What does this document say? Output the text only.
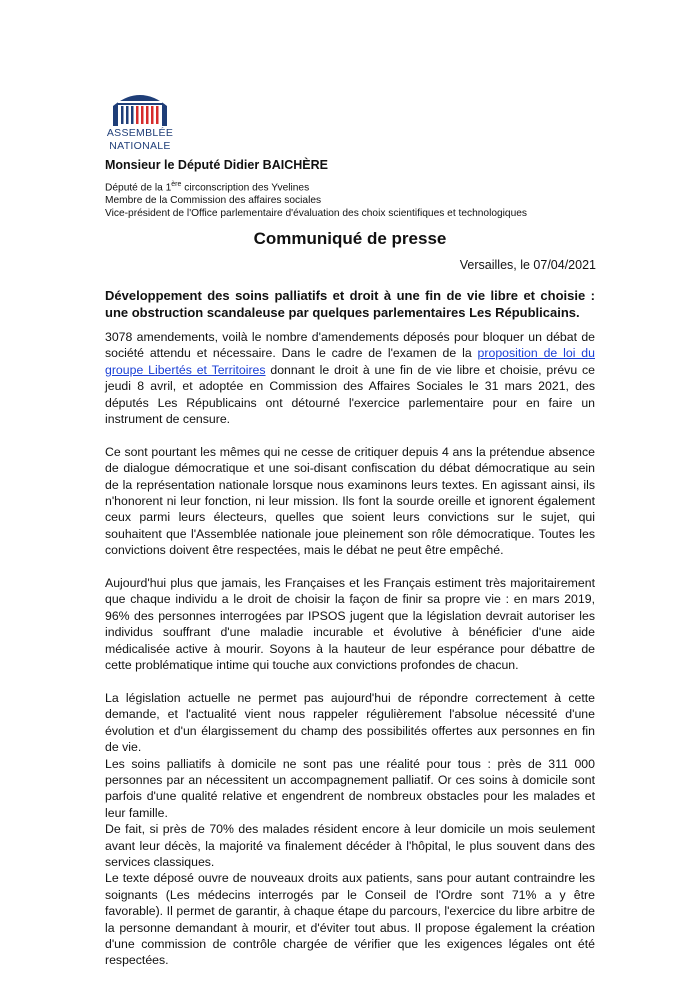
ASSEMBLÉE
NATIONALE
Monsieur le Député Didier BAICHÈRE
Député de la 1ère circonscription des Yvelines
Membre de la Commission des affaires sociales
Vice-président de l'Office parlementaire d'évaluation des choix scientifiques et technologiques
Communiqué de presse
Versailles, le 07/04/2021
Développement des soins palliatifs et droit à une fin de vie libre et choisie : une obstruction scandaleuse par quelques parlementaires Les Républicains.

3078 amendements, voilà le nombre d'amendements déposés pour bloquer un débat de société attendu et nécessaire. Dans le cadre de l'examen de la proposition de loi du groupe Libertés et Territoires donnant le droit à une fin de vie libre et choisie, prévu ce jeudi 8 avril, et adoptée en Commission des Affaires Sociales le 31 mars 2021, des députés Les Républicains ont détourné l'exercice parlementaire pour en faire un instrument de censure.

Ce sont pourtant les mêmes qui ne cesse de critiquer depuis 4 ans la prétendue absence de dialogue démocratique et une soi-disant confiscation du débat démocratique au sein de la représentation nationale lorsque nous examinons leurs textes. En agissant ainsi, ils n'honorent ni leur fonction, ni leur mission. Ils font la sourde oreille et ignorent également ceux parmi leurs électeurs, quelles que soient leurs convictions sur le sujet, qui souhaitent que l'Assemblée nationale joue pleinement son rôle démocratique. Toutes les convictions doivent être respectées, mais le débat ne peut être empêché.

Aujourd'hui plus que jamais, les Françaises et les Français estiment très majoritairement que chaque individu a le droit de choisir la façon de finir sa propre vie : en mars 2019, 96% des personnes interrogées par IPSOS jugent que la législation devrait autoriser les individus souffrant d'une maladie incurable et évolutive à bénéficier d'une aide médicalisée active à mourir. Soyons à la hauteur de leur espérance pour débattre de cette problématique intime qui touche aux convictions profondes de chacun.

La législation actuelle ne permet pas aujourd'hui de répondre correctement à cette demande, et l'actualité vient nous rappeler régulièrement l'absolue nécessité d'une évolution et d'un élargissement du champ des possibilités offertes aux personnes en fin de vie.

Les soins palliatifs à domicile ne sont pas une réalité pour tous : près de 311 000 personnes par an nécessitent un accompagnement palliatif. Or ces soins à domicile sont parfois d'une qualité relative et engendrent de nombreux obstacles pour les malades et leur famille.

De fait, si près de 70% des malades résident encore à leur domicile un mois seulement avant leur décès, la majorité va finalement décéder à l'hôpital, le plus souvent dans des services classiques.

Le texte déposé ouvre de nouveaux droits aux patients, sans pour autant contraindre les soignants (Les médecins interrogés par le Conseil de l'Ordre sont 71% a y être favorable). Il permet de garantir, à chaque étape du parcours, l'exercice du libre arbitre de la personne demandant à mourir, et d'éviter tout abus. Il propose également la création d'une commission de contrôle chargée de vérifier que les exigences légales ont été respectées.
